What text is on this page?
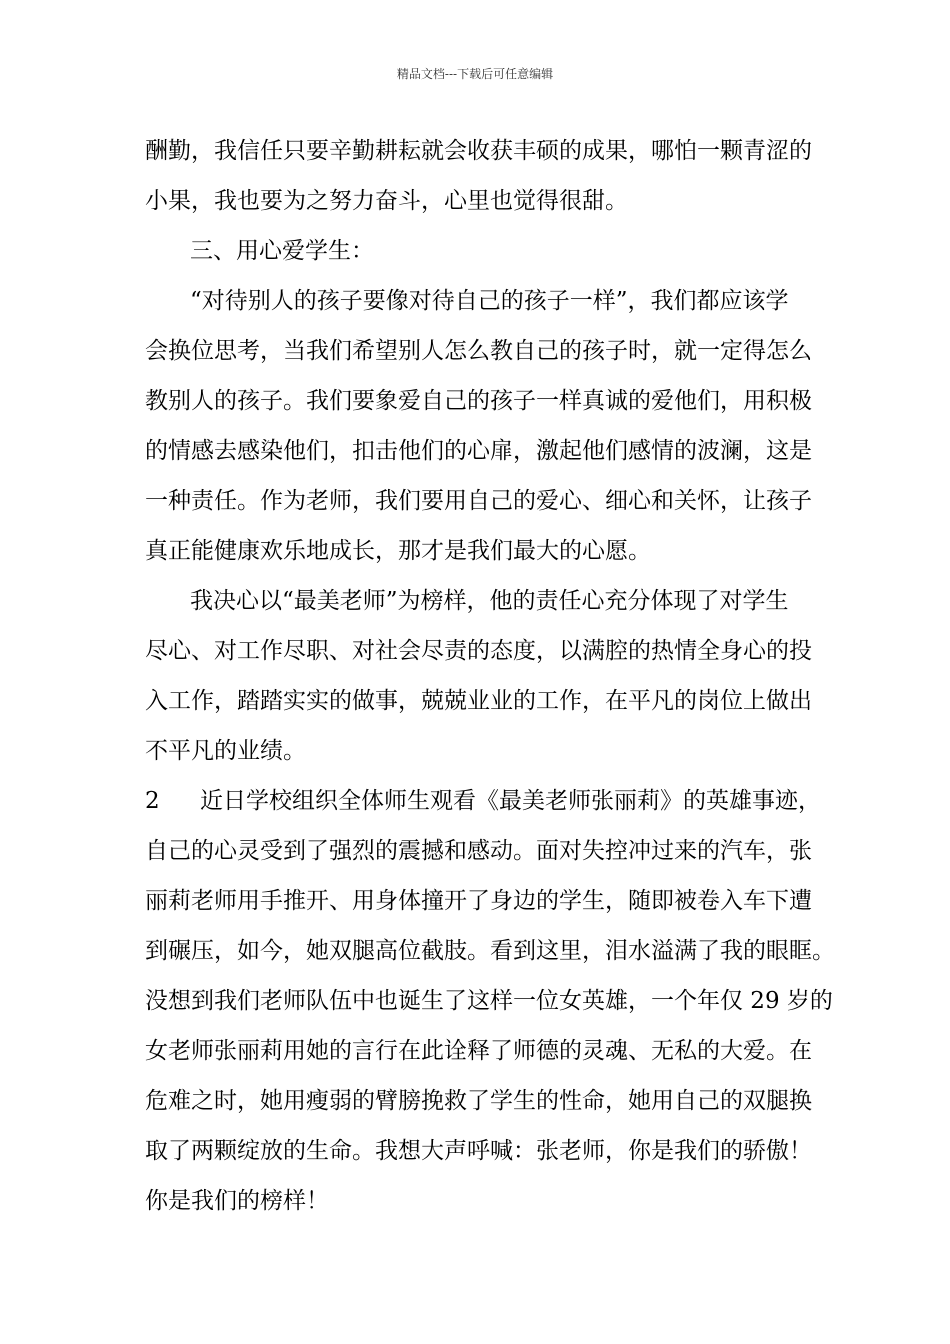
精品文档---下载后可任意编辑
酬勤，我信任只要辛勤耕耘就会收获丰硕的成果，哪怕一颗青涩的
小果，我也要为之努力奋斗，心里也觉得很甜。
三、用心爱学生：
“对待别人的孩子要像对待自己的孩子一样”，我们都应该学
会换位思考，当我们希望别人怎么教自己的孩子时，就一定得怎么
教别人的孩子。我们要象爱自己的孩子一样真诚的爱他们，用积极
的情感去感染他们，扣击他们的心扉，激起他们感情的波澜，这是
一种责任。作为老师，我们要用自己的爱心、细心和关怀，让孩子
真正能健康欢乐地成长，那才是我们最大的心愿。
我决心以“最美老师”为榜样，他的责任心充分体现了对学生
尽心、对工作尽职、对社会尽责的态度，以满腔的热情全身心的投
入工作，踏踏实实的做事，兢兢业业的工作，在平凡的岗位上做出
不平凡的业绩。
2 近日学校组织全体师生观看《最美老师张丽莉》的英雄事迹，
自己的心灵受到了强烈的震撼和感动。面对失控冲过来的汽车，张
丽莉老师用手推开、用身体撞开了身边的学生，随即被卷入车下遭
到碾压，如今，她双腿高位截肢。看到这里，泪水溢满了我的眼眶。
没想到我们老师队伍中也诞生了这样一位女英雄，一个年仅 29 岁的
女老师张丽莉用她的言行在此诠释了师德的灵魂、无私的大爱。在
危难之时，她用瘦弱的臂膀挽救了学生的性命，她用自己的双腿换
取了两颗绽放的生命。我想大声呼喊：张老师，你是我们的骄傲！
你是我们的榜样！
